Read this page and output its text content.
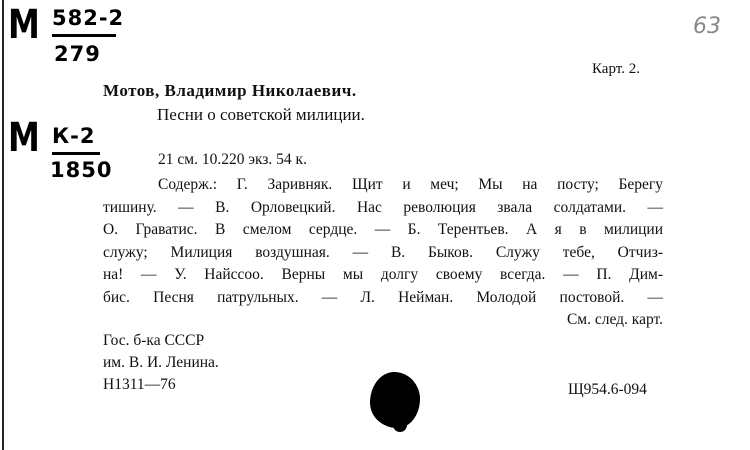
М 582-2
279
М К-2
1850
63
Карт. 2.
Мотов, Владимир Николаевич.
Песни о советской милиции.
21 см. 10.220 экз. 54 к.
Содерж.: Г. Заривняк. Щит и меч; Мы на посту; Берегу
тишину. — В. Орловецкий. Нас революция звала солдатами. —
О. Граватис. В смелом сердце. — Б. Терентьев. А я в милиции
служу; Милиция воздушная. — В. Быков. Служу тебе, Отчиз-
на! — У. Найссоо. Верны мы долгу своему всегда. — П. Дим-
бис. Песня патрульных. — Л. Нейман. Молодой постовой. —
См. след. карт.
Гос. б-ка СССР
им. В. И. Ленина.
Н1311—76	Щ954.6-094
